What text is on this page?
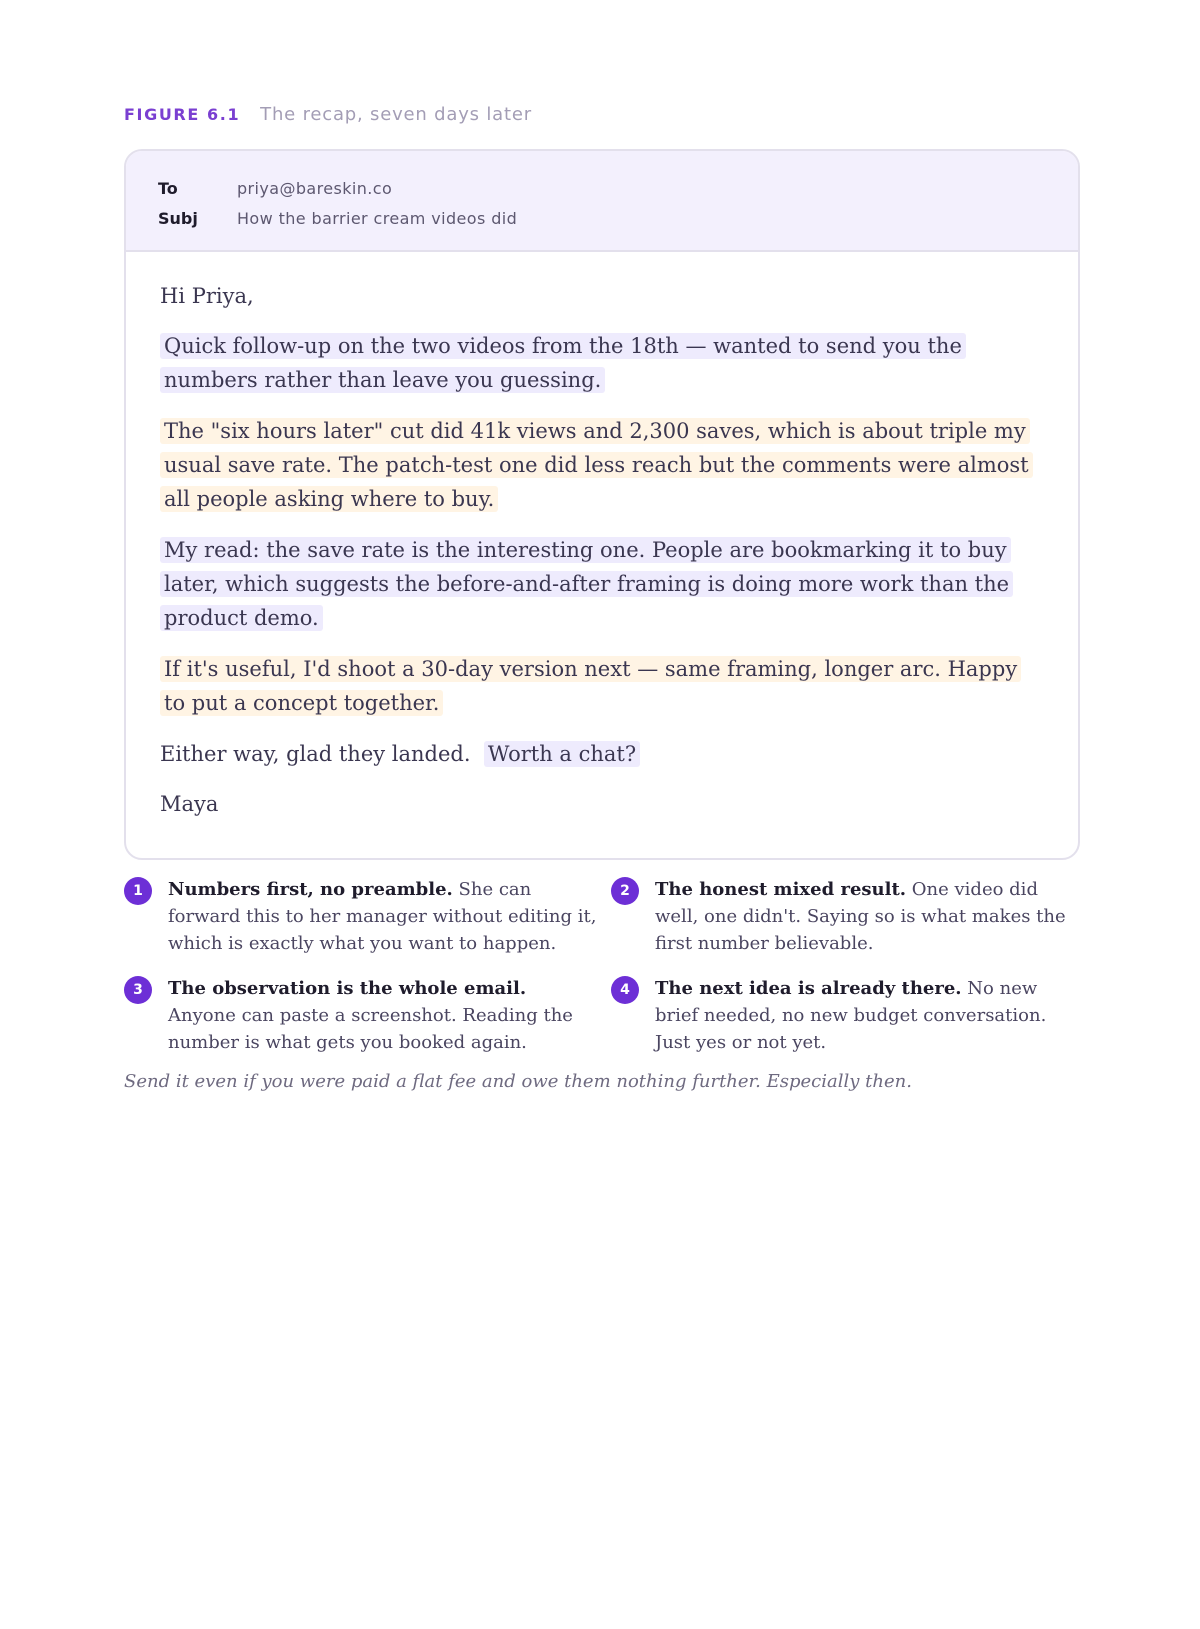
FIGURE 6.1 The recap, seven days later
To	priya@bareskin.co
Subj	How the barrier cream videos did

Hi Priya,

Quick follow-up on the two videos from the 18th — wanted to send you the numbers rather than leave you guessing.

The "six hours later" cut did 41k views and 2,300 saves, which is about triple my usual save rate. The patch-test one did less reach but the comments were almost all people asking where to buy.

My read: the save rate is the interesting one. People are bookmarking it to buy later, which suggests the before-and-after framing is doing more work than the product demo.

If it's useful, I'd shoot a 30-day version next — same framing, longer arc. Happy to put a concept together.

Either way, glad they landed. Worth a chat?

Maya

1	Numbers first, no preamble. She can forward this to her manager without editing it, which is exactly what you want to happen.

2	The honest mixed result. One video did well, one didn't. Saying so is what makes the first number believable.

3	The observation is the whole email. Anyone can paste a screenshot. Reading the number is what gets you booked again.

4	The next idea is already there. No new brief needed, no new budget conversation. Just yes or not yet.

Send it even if you were paid a flat fee and owe them nothing further. Especially then.
